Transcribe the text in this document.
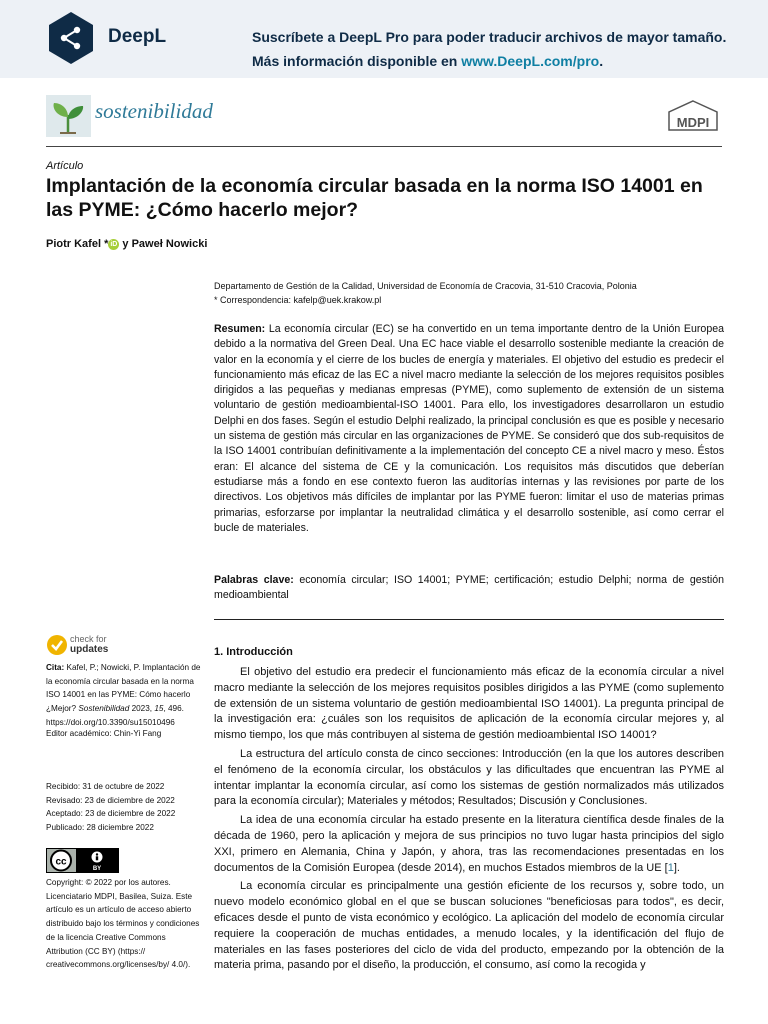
DeepL	Suscríbete a DeepL Pro para poder traducir archivos de mayor tamaño.
Más información disponible en www.DeepL.com/pro.
sostenibilidad	MDPI
Artículo
Implantación de la economía circular basada en la norma ISO 14001 en las PYME: ¿Cómo hacerlo mejor?
Piotr Kafel * iD y Paweł Nowicki
Departamento de Gestión de la Calidad, Universidad de Economía de Cracovia, 31-510 Cracovia, Polonia
* Correspondencia: kafelp@uek.krakow.pl

Resumen: La economía circular (EC) se ha convertido en un tema importante dentro de la Unión Europea debido a la normativa del Green Deal. Una EC hace viable el desarrollo sostenible mediante la creación de valor en la economía y el cierre de los bucles de energía y materiales. El objetivo del estudio es predecir el funcionamiento más eficaz de las EC a nivel macro mediante la selección de los mejores requisitos posibles dirigidos a las pequeñas y medianas empresas (PYME), como suplemento de extensión de un sistema voluntario de gestión medioambiental-ISO 14001. Para ello, los investigadores desarrollaron un estudio Delphi en dos fases. Según el estudio Delphi realizado, la principal conclusión es que es posible y necesario un sistema de gestión más circular en las organizaciones de PYME. Se consideró que dos sub-requisitos de la ISO 14001 contribuían definitivamente a la implementación del concepto CE a nivel macro y meso. Éstos eran: El alcance del sistema de CE y la comunicación. Los requisitos más discutidos que deberían estudiarse más a fondo en ese contexto fueron las auditorías internas y las revisiones por parte de los directivos. Los objetivos más difíciles de implantar por las PYME fueron: limitar el uso de materias primas primarias, esforzarse por implantar la neutralidad climática y el desarrollo sostenible, así como cerrar el bucle de materiales.

Palabras clave: economía circular; ISO 14001; PYME; certificación; estudio Delphi; norma de gestión medioambiental

check for
updates

Cita: Kafel, P.; Nowicki, P. Implantación de la economía circular basada en la norma ISO 14001 en las PYME: Cómo hacerlo ¿Mejor? Sostenibilidad 2023, 15, 496. https://doi.org/10.3390/su15010496

Editor académico: Chin-Yi Fang

Recibido: 31 de octubre de 2022

Revisado: 23 de diciembre de 2022

Aceptado: 23 de diciembre de 2022

Publicado: 28 diciembre 2022

cc
BY

Copyright: © 2022 por los autores. Licenciatario MDPI, Basilea, Suiza. Este artículo es un artículo de acceso abierto distribuido bajo los términos y condiciones de la licencia Creative Commons Attribution (CC BY) (https:// creativecommons.org/licenses/by/ 4.0/).

1. Introducción

El objetivo del estudio era predecir el funcionamiento más eficaz de la economía circular a nivel macro mediante la selección de los mejores requisitos posibles dirigidos a las PYME (como suplemento de extensión de un sistema voluntario de gestión medioambiental ISO 14001). La pregunta principal de la investigación era: ¿cuáles son los requisitos de aplicación de la economía circular mejores y, al mismo tiempo, los que más contribuyen al sistema de gestión medioambiental ISO 14001?

La estructura del artículo consta de cinco secciones: Introducción (en la que los autores describen el fenómeno de la economía circular, los obstáculos y las dificultades que encuentran las PYME al intentar implantar la economía circular, así como los sistemas de gestión normalizados más utilizados para la economía circular); Materiales y métodos; Resultados; Discusión y Conclusiones.

La idea de una economía circular ha estado presente en la literatura científica desde finales de la década de 1960, pero la aplicación y mejora de sus principios no tuvo lugar hasta principios del siglo XXI, primero en Alemania, China y Japón, y ahora, tras las recomendaciones presentadas en los documentos de la Comisión Europea (desde 2014), en muchos Estados miembros de la UE [1].

La economía circular es principalmente una gestión eficiente de los recursos y, sobre todo, un nuevo modelo económico global en el que se buscan soluciones "beneficiosas para todos", es decir, eficaces desde el punto de vista económico y ecológico. La aplicación del modelo de economía circular requiere la cooperación de muchas entidades, a menudo locales, y la identificación del flujo de materiales en las fases posteriores del ciclo de vida del producto, empezando por la obtención de la materia prima, pasando por el diseño, la producción, el consumo, así como la recogida y
